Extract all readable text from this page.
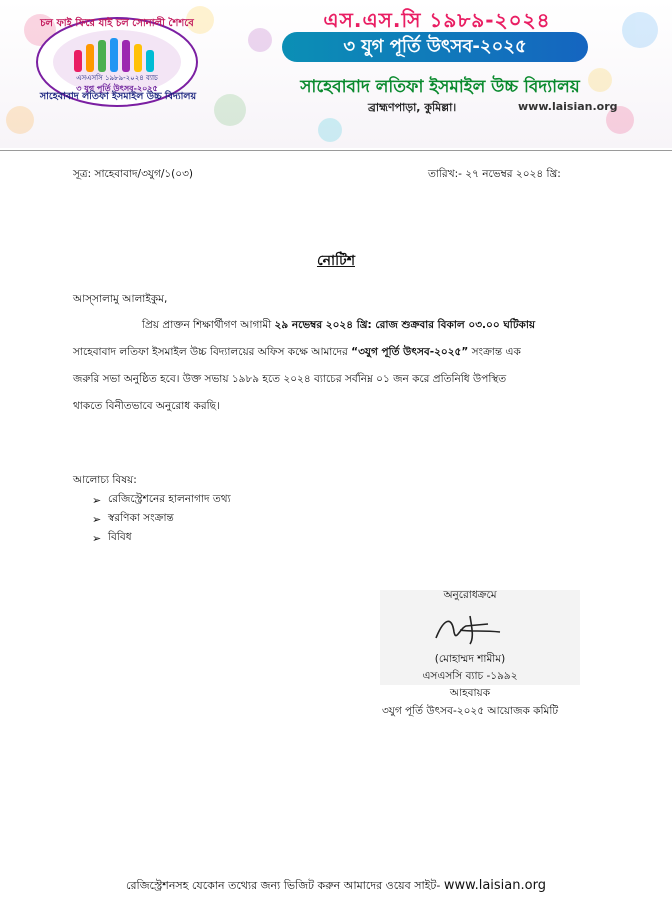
চল ফাই ফিরে যাই চল সোনালী শৈশবে
এসএসসি ১৯৮৯-২০২৪ ব্যাচ
৩ যুগ পূর্তি উৎসব-২০২৫
সাহেবাবাদ লতিফা ইসমাইল উচ্চ বিদ্যালয়
এস.এস.সি ১৯৮৯-২০২৪
৩ যুগ পূর্তি উৎসব-২০২৫
সাহেবাবাদ লতিফা ইসমাইল উচ্চ বিদ্যালয়
ব্রাহ্মণপাড়া, কুমিল্লা।	www.laisian.org
সূত্র: সাহেবাবাদ/৩যুগ/১(০৩)	তারিখ:- ২৭ নভেম্বর ২০২৪ খ্রি:
নোটিশ
আস্সালামু আলাইকুম,
প্রিয় প্রাক্তন শিক্ষার্থীগণ আগামী ২৯ নভেম্বর ২০২৪ খ্রি: রোজ শুক্রবার বিকাল ০৩.০০ ঘটিকায়
সাহেবাবাদ লতিফা ইসমাইল উচ্চ বিদ্যালয়ের অফিস কক্ষে আমাদের “৩যুগ পূর্তি উৎসব-২০২৫” সংক্রান্ত এক
জরুরি সভা অনুষ্ঠিত হবে। উক্ত সভায় ১৯৮৯ হতে ২০২৪ ব্যাচের সর্বনিম্ন ০১ জন করে প্রতিনিধি উপস্থিত
থাকতে বিনীতভাবে অনুরোধ করছি।
আলোচ্য বিষয়:
➢ রেজিস্ট্রেশনের হালনাগাদ তথ্য
➢ স্বরণিকা সংক্রান্ত
➢ বিবিধ
অনুরোধক্রমে
(মোহাম্মদ শামীম)
এসএসসি ব্যাচ -১৯৯২
আহবায়ক
৩যুগ পূর্তি উৎসব-২০২৫ আয়োজক কমিটি
রেজিস্ট্রেশনসহ যেকোন তথ্যের জন্য ভিজিট করুন আমাদের ওয়েব সাইট- www.laisian.org
